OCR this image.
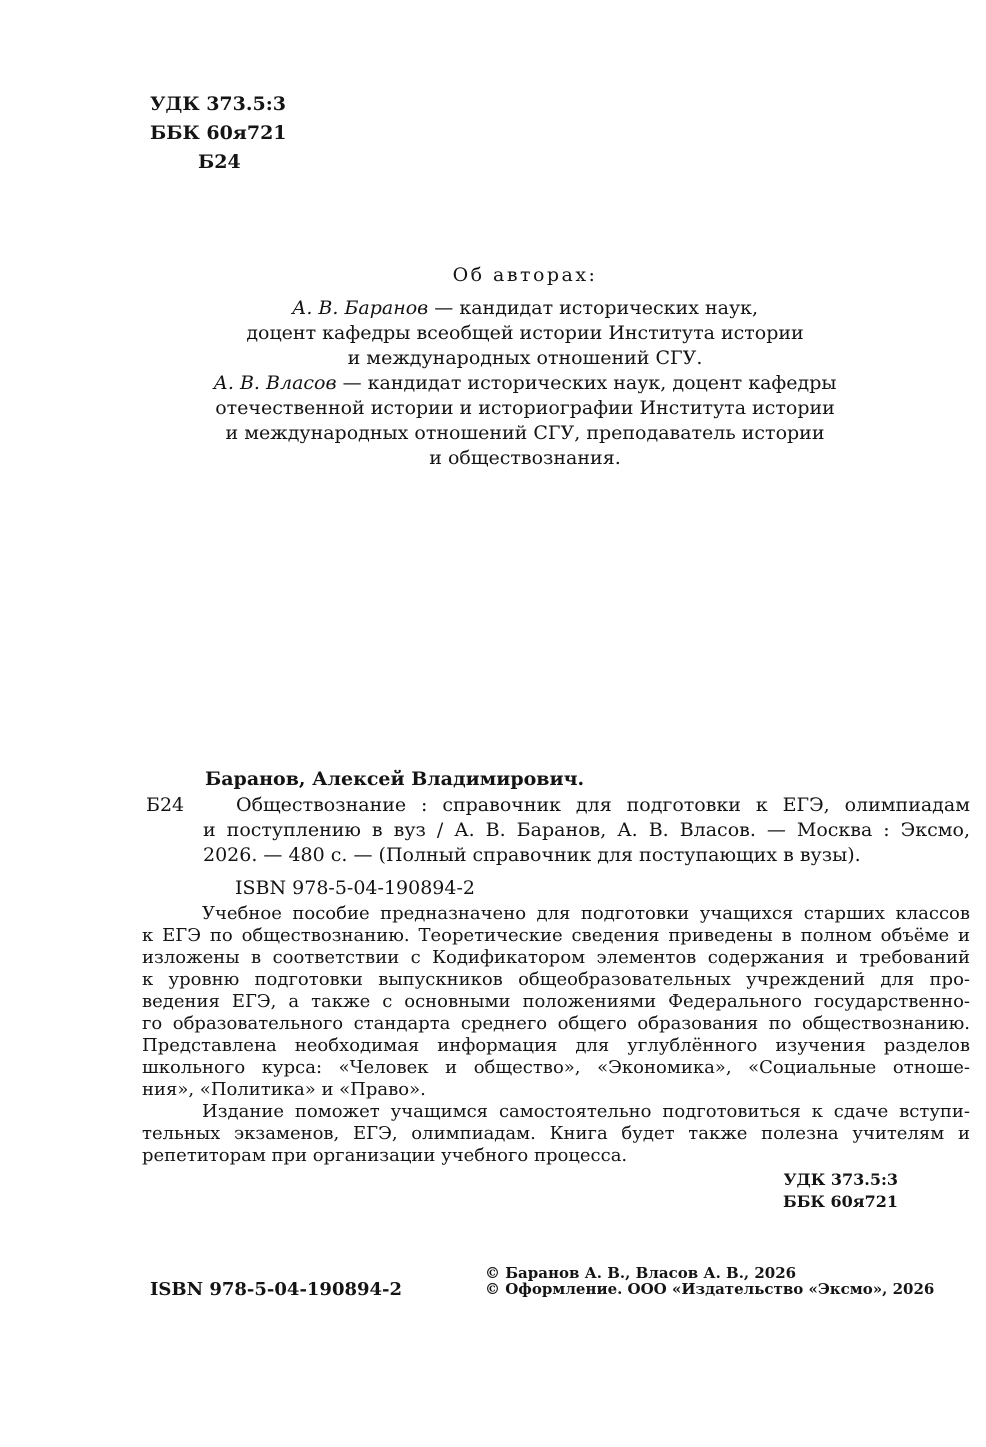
УДК 373.5:3
ББК 60я721
Б24
Об авторах:
А. В. Баранов — кандидат исторических наук,
доцент кафедры всеобщей истории Института истории
и международных отношений СГУ.
А. В. Власов — кандидат исторических наук, доцент кафедры
отечественной истории и историографии Института истории
и международных отношений СГУ, преподаватель истории
и обществознания.
Баранов, Алексей Владимирович.
Б24	Обществознание : справочник для подготовки к ЕГЭ, олимпиадам
и поступлению в вуз / А. В. Баранов, А. В. Власов. — Москва : Эксмо,
2026. — 480 с. — (Полный справочник для поступающих в вузы).
ISBN 978-5-04-190894-2
Учебное пособие предназначено для подготовки учащихся старших классов
к ЕГЭ по обществознанию. Теоретические сведения приведены в полном объёме и
изложены в соответствии с Кодификатором элементов содержания и требований
к уровню подготовки выпускников общеобразовательных учреждений для про-
ведения ЕГЭ, а также с основными положениями Федерального государственно-
го образовательного стандарта среднего общего образования по обществознанию.
Представлена необходимая информация для углублённого изучения разделов
школьного курса: «Человек и общество», «Экономика», «Социальные отноше-
ния», «Политика» и «Право».
Издание поможет учащимся самостоятельно подготовиться к сдаче вступи-
тельных экзаменов, ЕГЭ, олимпиадам. Книга будет также полезна учителям и
репетиторам при организации учебного процесса.
УДК 373.5:3
ББК 60я721
ISBN 978-5-04-190894-2
© Баранов А. В., Власов А. В., 2026
© Оформление. ООО «Издательство «Эксмо», 2026
